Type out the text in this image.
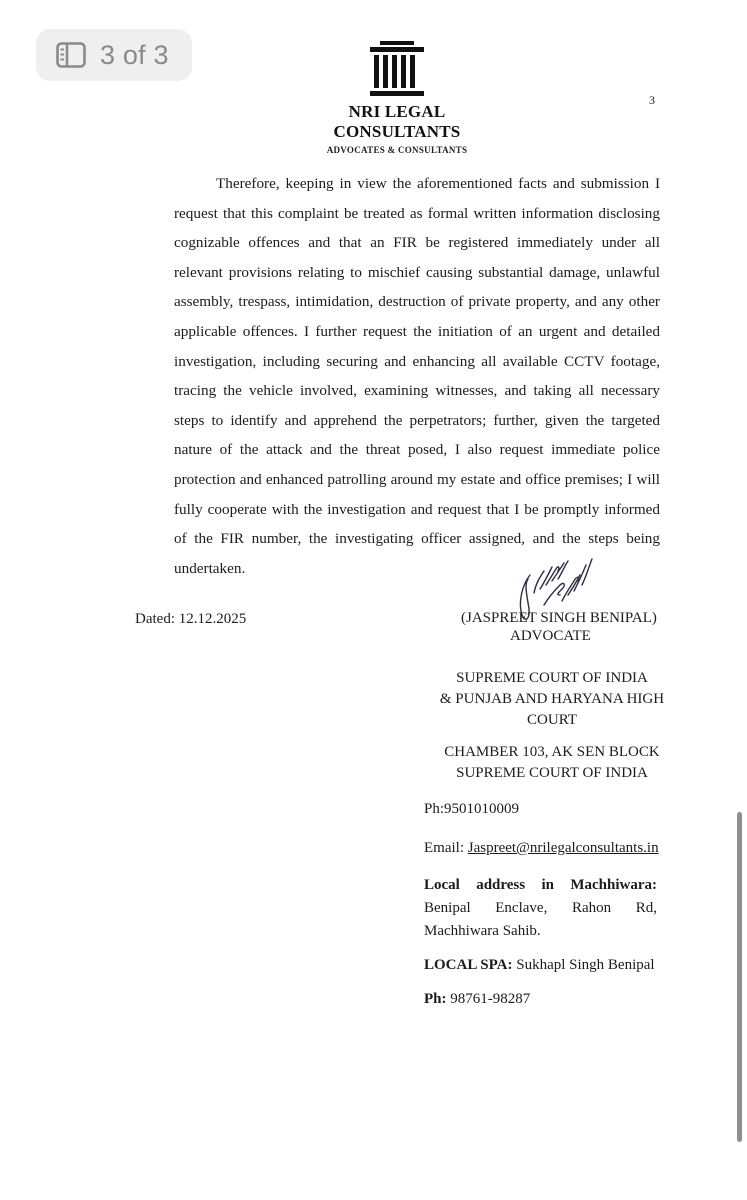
3 of 3
NRI LEGAL CONSULTANTS
ADVOCATES & CONSULTANTS
3

Therefore, keeping in view the aforementioned facts and submission I request that this complaint be treated as formal written information disclosing cognizable offences and that an FIR be registered immediately under all relevant provisions relating to mischief causing substantial damage, unlawful assembly, trespass, intimidation, destruction of private property, and any other applicable offences. I further request the initiation of an urgent and detailed investigation, including securing and enhancing all available CCTV footage, tracing the vehicle involved, examining witnesses, and taking all necessary steps to identify and apprehend the perpetrators; further, given the targeted nature of the attack and the threat posed, I also request immediate police protection and enhanced patrolling around my estate and office premises; I will fully cooperate with the investigation and request that I be promptly informed of the FIR number, the investigating officer assigned, and the steps being undertaken.

Dated: 12.12.2025	(JASPREET SINGH BENIPAL)
ADVOCATE
SUPREME COURT OF INDIA
& PUNJAB AND HARYANA HIGH
COURT
CHAMBER 103, AK SEN BLOCK
SUPREME COURT OF INDIA
Ph:9501010009
Email: Jaspreet@nrilegalconsultants.in
Local address in Machhiwara:
Benipal Enclave, Rahon Rd,
Machhiwara Sahib.
LOCAL SPA: Sukhapl Singh Benipal
Ph: 98761-98287
